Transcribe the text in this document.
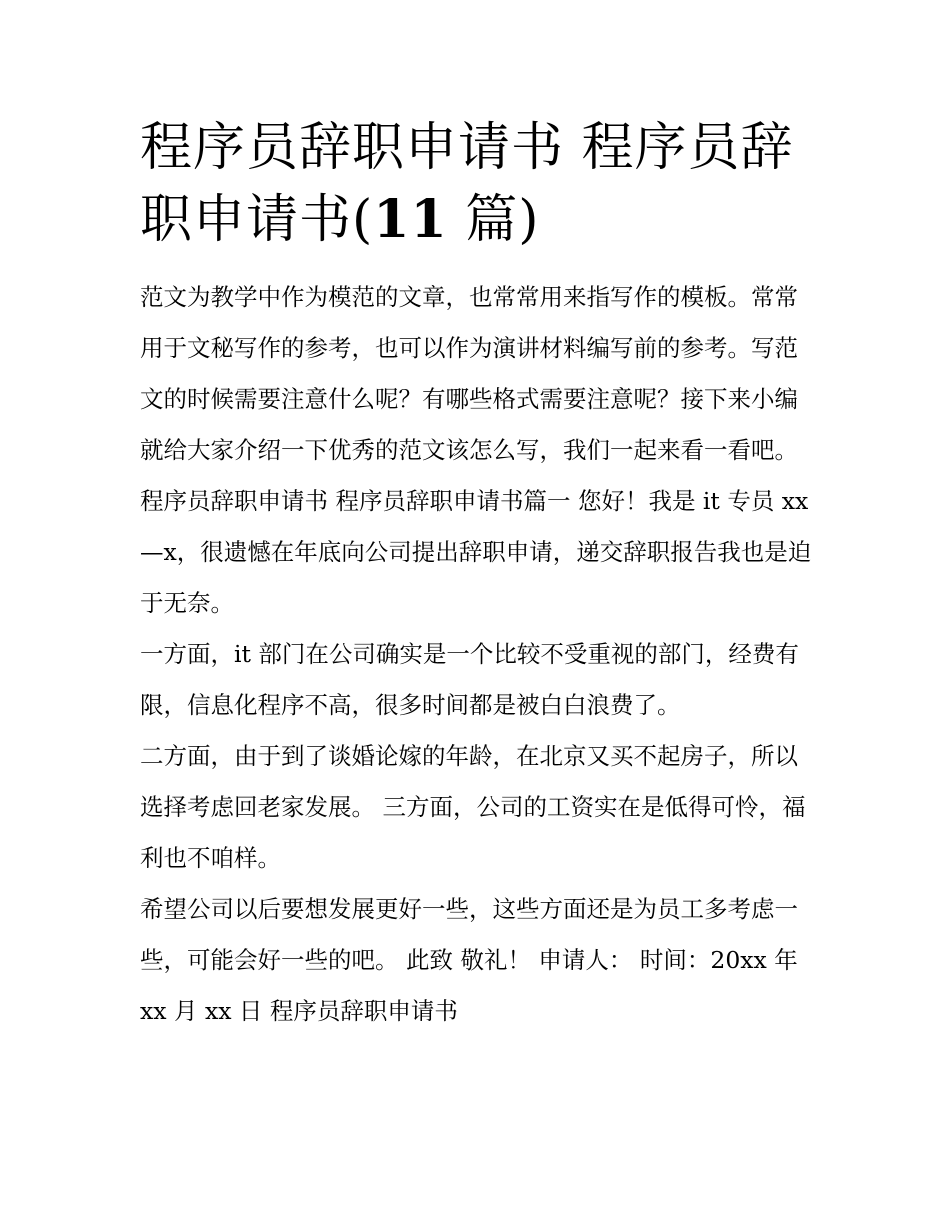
程序员辞职申请书 程序员辞职申请书(11 篇)

范文为教学中作为模范的文章，也常常用来指写作的模板。常常用于文秘写作的参考，也可以作为演讲材料编写前的参考。写范文的时候需要注意什么呢？有哪些格式需要注意呢？接下来小编就给大家介绍一下优秀的范文该怎么写，我们一起来看一看吧。

程序员辞职申请书 程序员辞职申请书篇一 您好！我是 it 专员 xx—x，很遗憾在年底向公司提出辞职申请，递交辞职报告我也是迫于无奈。

一方面，it 部门在公司确实是一个比较不受重视的部门，经费有限，信息化程序不高，很多时间都是被白白浪费了。

二方面，由于到了谈婚论嫁的年龄，在北京又买不起房子，所以选择考虑回老家发展。 三方面，公司的工资实在是低得可怜，福利也不咱样。

希望公司以后要想发展更好一些，这些方面还是为员工多考虑一些，可能会好一些的吧。 此致 敬礼！ 申请人： 时间：20xx 年 xx 月 xx 日 程序员辞职申请书
